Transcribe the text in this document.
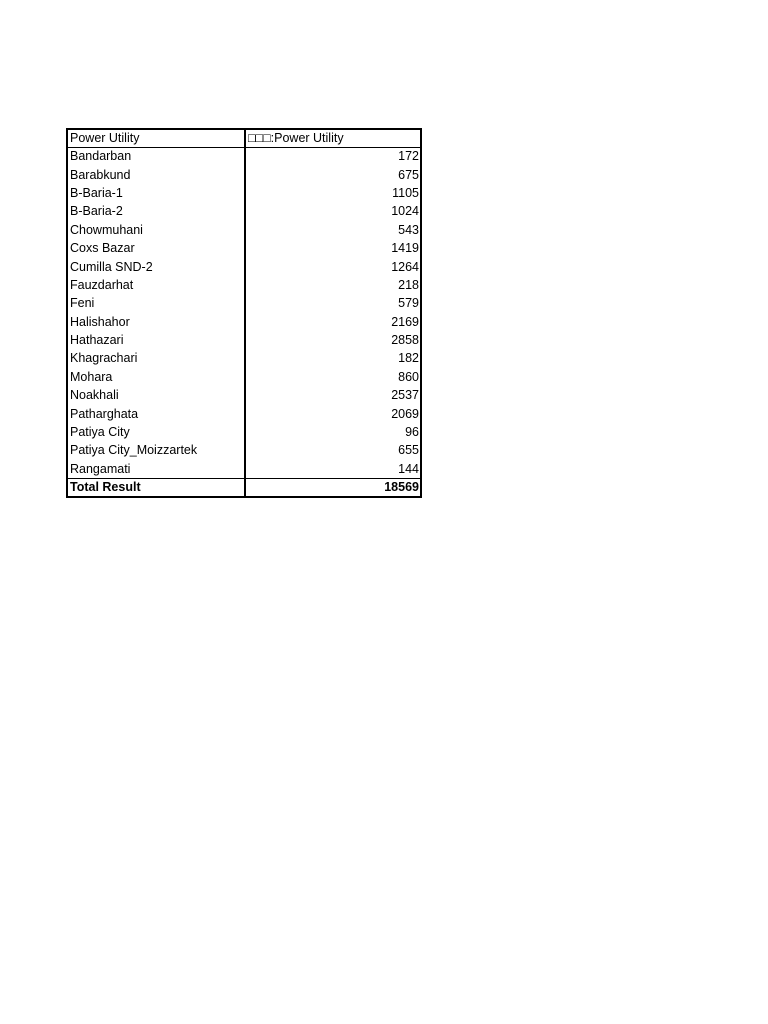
Power Utility	□□□:Power Utility
Bandarban	172
Barabkund	675
B-Baria-1	1105
B-Baria-2	1024
Chowmuhani	543
Coxs Bazar	1419
Cumilla SND-2	1264
Fauzdarhat	218
Feni	579
Halishahor	2169
Hathazari	2858
Khagrachari	182
Mohara	860
Noakhali	2537
Patharghata	2069
Patiya City	96
Patiya City_Moizzartek	655
Rangamati	144
Total Result	18569
